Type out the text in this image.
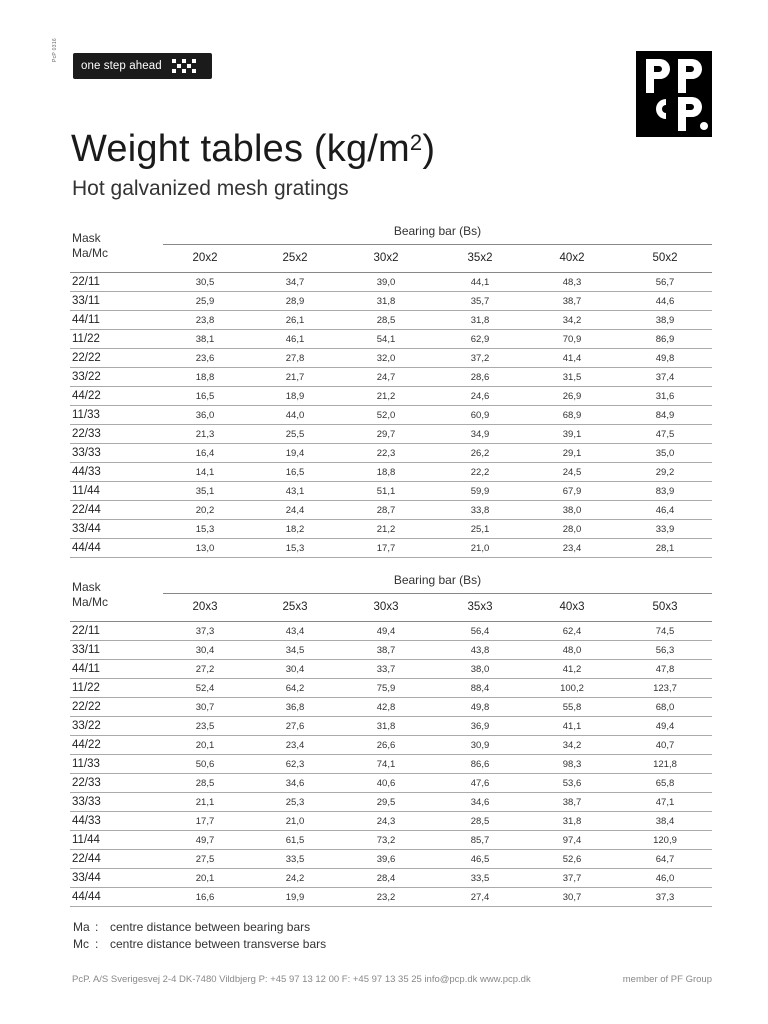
PcP 0316
one step ahead
Weight tables $(kg/m^2)$
Hot galvanized mesh gratings
Mask
Ma/Mc
Bearing bar (Bs)
20x2	25x2	30x2	35x2	40x2	50x2
22/11	30,5	34,7	39,0	44,1	48,3	56,7
33/11	25,9	28,9	31,8	35,7	38,7	44,6
44/11	23,8	26,1	28,5	31,8	34,2	38,9
11/22	38,1	46,1	54,1	62,9	70,9	86,9
22/22	23,6	27,8	32,0	37,2	41,4	49,8
33/22	18,8	21,7	24,7	28,6	31,5	37,4
44/22	16,5	18,9	21,2	24,6	26,9	31,6
11/33	36,0	44,0	52,0	60,9	68,9	84,9
22/33	21,3	25,5	29,7	34,9	39,1	47,5
33/33	16,4	19,4	22,3	26,2	29,1	35,0
44/33	14,1	16,5	18,8	22,2	24,5	29,2
11/44	35,1	43,1	51,1	59,9	67,9	83,9
22/44	20,2	24,4	28,7	33,8	38,0	46,4
33/44	15,3	18,2	21,2	25,1	28,0	33,9
44/44	13,0	15,3	17,7	21,0	23,4	28,1
Mask
Ma/Mc
Bearing bar (Bs)
20x3	25x3	30x3	35x3	40x3	50x3
22/11	37,3	43,4	49,4	56,4	62,4	74,5
33/11	30,4	34,5	38,7	43,8	48,0	56,3
44/11	27,2	30,4	33,7	38,0	41,2	47,8
11/22	52,4	64,2	75,9	88,4	100,2	123,7
22/22	30,7	36,8	42,8	49,8	55,8	68,0
33/22	23,5	27,6	31,8	36,9	41,1	49,4
44/22	20,1	23,4	26,6	30,9	34,2	40,7
11/33	50,6	62,3	74,1	86,6	98,3	121,8
22/33	28,5	34,6	40,6	47,6	53,6	65,8
33/33	21,1	25,3	29,5	34,6	38,7	47,1
44/33	17,7	21,0	24,3	28,5	31,8	38,4
11/44	49,7	61,5	73,2	85,7	97,4	120,9
22/44	27,5	33,5	39,6	46,5	52,6	64,7
33/44	20,1	24,2	28,4	33,5	37,7	46,0
44/44	16,6	19,9	23,2	27,4	30,7	37,3
Ma : centre distance between bearing bars
Mc : centre distance between transverse bars
PcP. A/S Sverigesvej 2-4 DK-7480 Vildbjerg P: +45 97 13 12 00 F: +45 97 13 35 25 info@pcp.dk www.pcp.dk	member of PF Group
